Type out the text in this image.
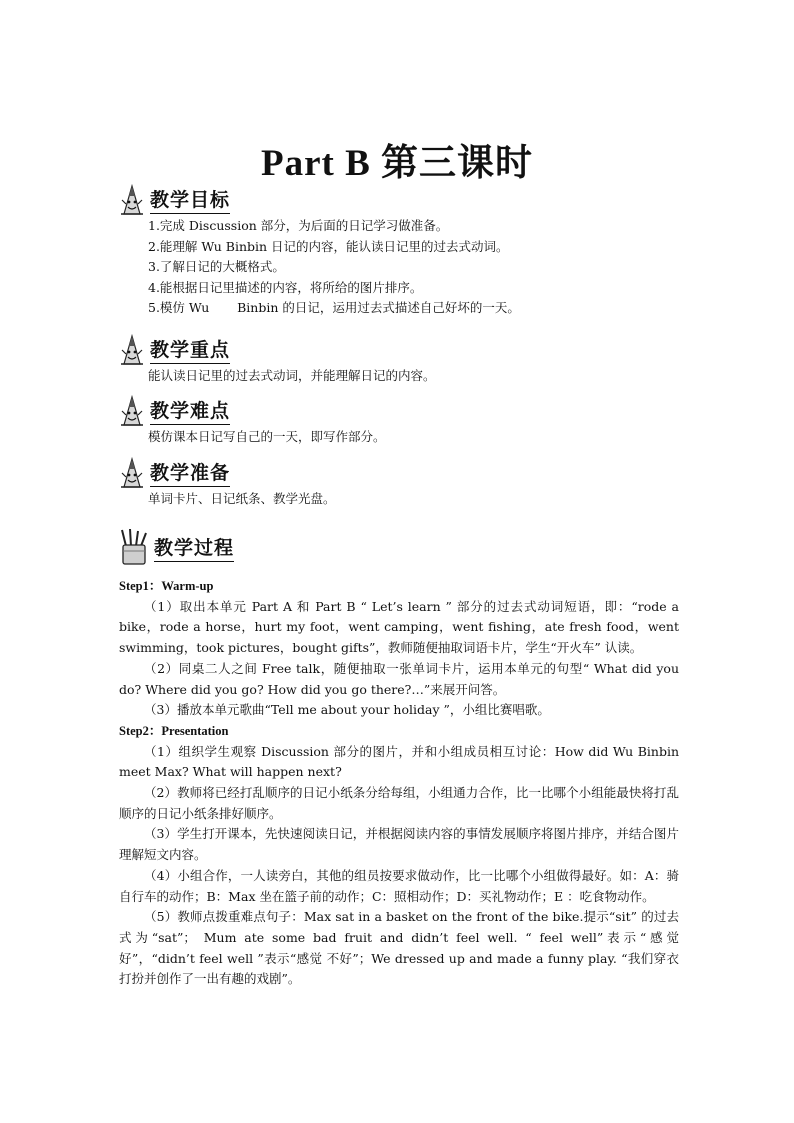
Part B 第三课时
教学目标
1.完成 Discussion 部分，为后面的日记学习做准备。
2.能理解 Wu Binbin 日记的内容，能认读日记里的过去式动词。
3.了解日记的大概格式。
4.能根据日记里描述的内容，将所给的图片排序。
5.模仿 Wu       Binbin 的日记，运用过去式描述自己好坏的一天。
教学重点
能认读日记里的过去式动词，并能理解日记的内容。
教学难点
模仿课本日记写自己的一天，即写作部分。
教学准备
单词卡片、日记纸条、教学光盘。
教学过程
Step1：Warm-up
（1）取出本单元 Part A 和 Part B “ Let’s learn ” 部分的过去式动词短语，即：“rode a bike，rode a horse，hurt my foot，went camping，went fishing，ate fresh food，went swimming，took pictures，bought gifts”，教师随便抽取词语卡片，学生“开火车” 认读。
（2）同桌二人之间 Free talk，随便抽取一张单词卡片，运用本单元的句型“ What did you do? Where did you go? How did you go there?…”来展开问答。
（3）播放本单元歌曲“Tell me about your holiday ”，小组比赛唱歌。
Step2：Presentation
（1）组织学生观察 Discussion 部分的图片，并和小组成员相互讨论：How did Wu Binbin meet Max? What will happen next?
（2）教师将已经打乱顺序的日记小纸条分给每组，小组通力合作，比一比哪个小组能最快将打乱顺序的日记小纸条排好顺序。
（3）学生打开课本，先快速阅读日记，并根据阅读内容的事情发展顺序将图片排序，并结合图片理解短文内容。
（4）小组合作，一人读旁白，其他的组员按要求做动作，比一比哪个小组做得最好。如：A：骑自行车的动作；B：Max 坐在篮子前的动作；C：照相动作；D：买礼物动作；E ：吃食物动作。
（5）教师点拨重难点句子：Max sat in a basket on the front of the bike.提示“sit” 的过去式为“sat”； Mum ate some bad fruit and didn’t feel well. “ feel well”表示“感觉好”，“didn’t feel well ”表示“感觉 不好”；We dressed up and made a funny play. “我们穿衣打扮并创作了一出有趣的戏剧”。
